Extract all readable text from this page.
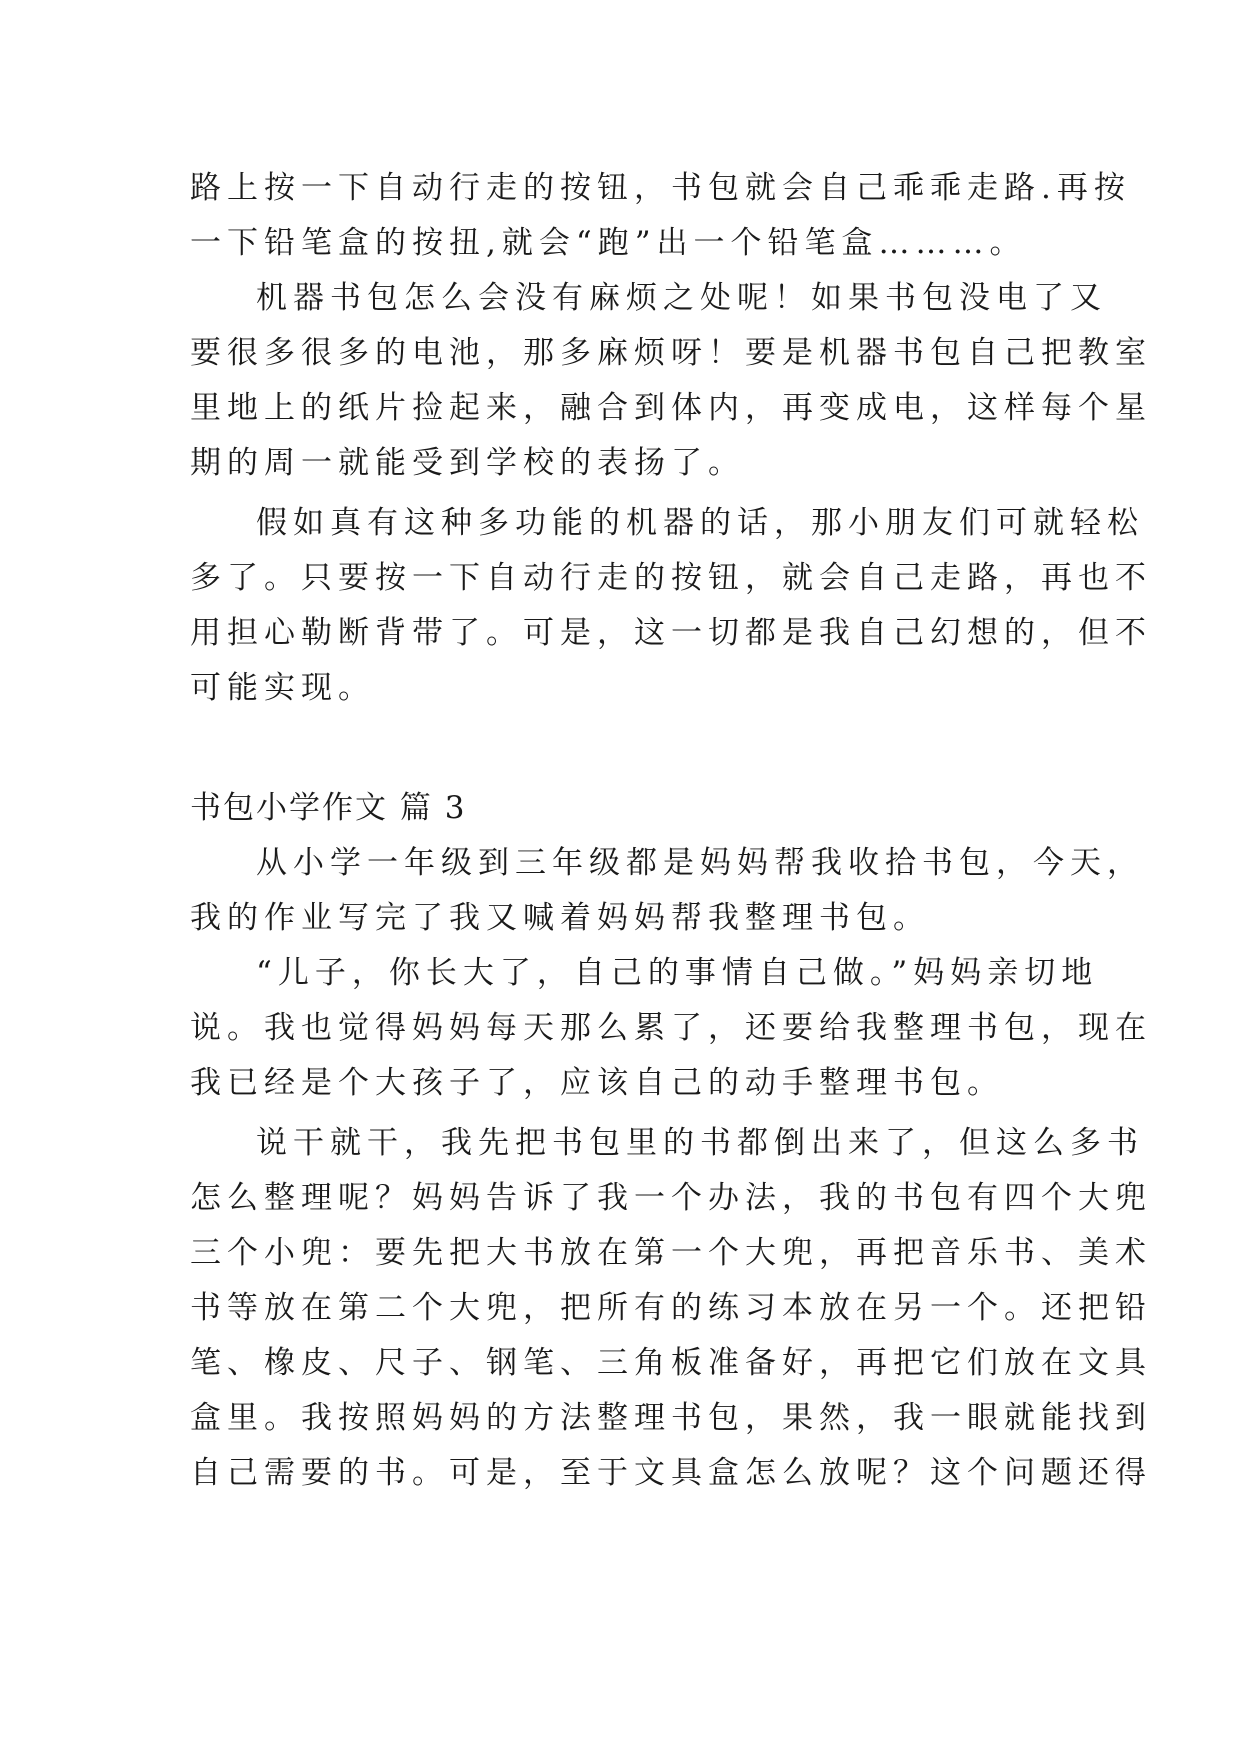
路上按一下自动行走的按钮，书包就会自己乖乖走路.再按
一下铅笔盒的按扭,就会“跑”出一个铅笔盒………。
机器书包怎么会没有麻烦之处呢！如果书包没电了又
要很多很多的电池，那多麻烦呀！要是机器书包自己把教室
里地上的纸片捡起来，融合到体内，再变成电，这样每个星
期的周一就能受到学校的表扬了。
假如真有这种多功能的机器的话，那小朋友们可就轻松
多了。只要按一下自动行走的按钮，就会自己走路，再也不
用担心勒断背带了。可是，这一切都是我自己幻想的，但不
可能实现。
书包小学作文 篇 3
从小学一年级到三年级都是妈妈帮我收拾书包，今天，
我的作业写完了我又喊着妈妈帮我整理书包。
“儿子，你长大了，自己的事情自己做。”妈妈亲切地
说。我也觉得妈妈每天那么累了，还要给我整理书包，现在
我已经是个大孩子了，应该自己的动手整理书包。
说干就干，我先把书包里的书都倒出来了，但这么多书
怎么整理呢？妈妈告诉了我一个办法，我的书包有四个大兜
三个小兜：要先把大书放在第一个大兜，再把音乐书、美术
书等放在第二个大兜，把所有的练习本放在另一个。还把铅
笔、橡皮、尺子、钢笔、三角板准备好，再把它们放在文具
盒里。我按照妈妈的方法整理书包，果然，我一眼就能找到
自己需要的书。可是，至于文具盒怎么放呢？这个问题还得
